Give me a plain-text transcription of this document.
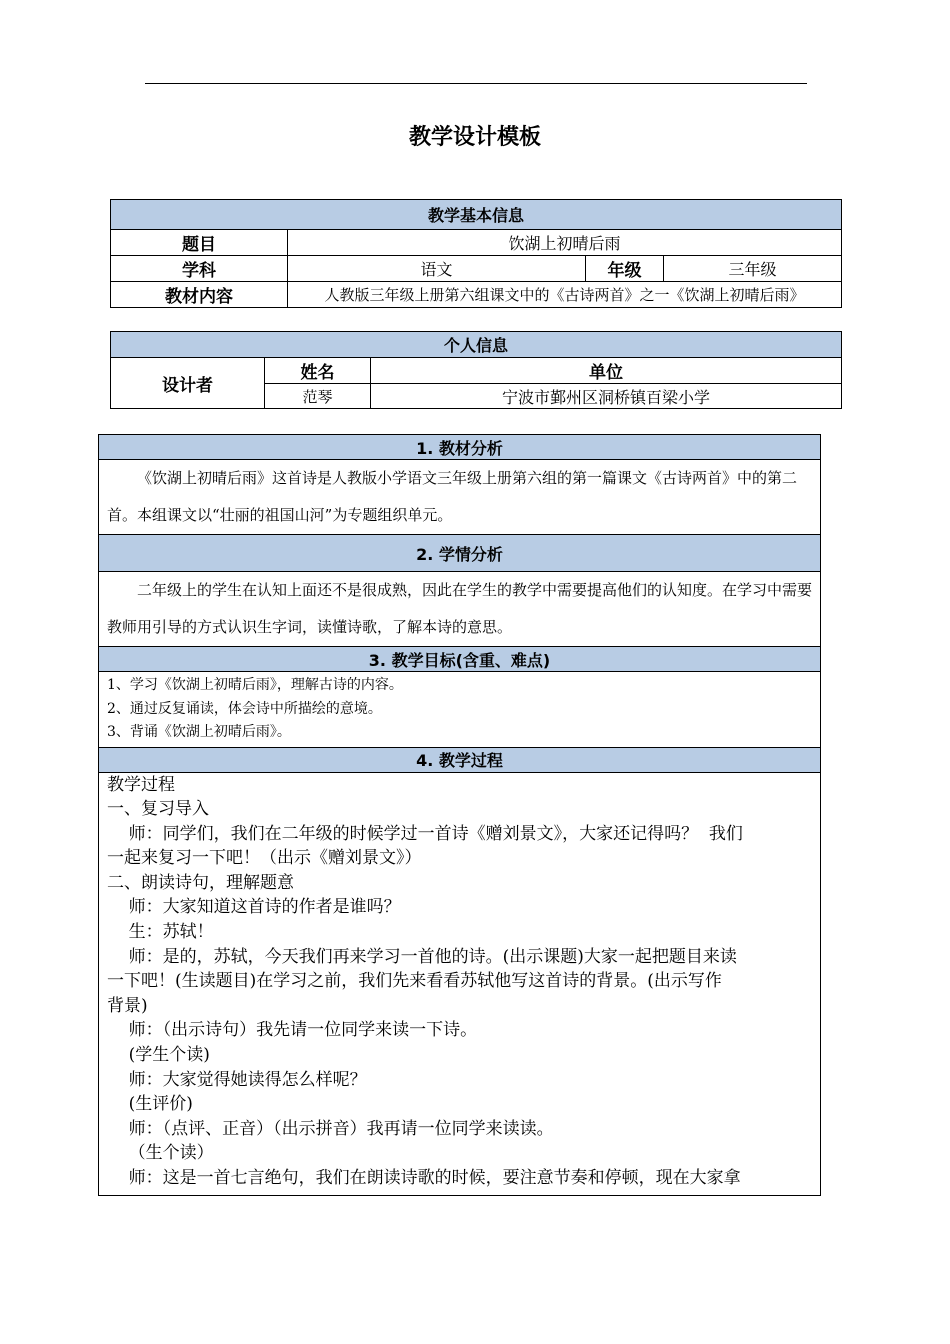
教学设计模板
教学基本信息			
题目	饮湖上初晴后雨		
学科	语文	年级	三年级
教材内容	人教版三年级上册第六组课文中的《古诗两首》之一《饮湖上初晴后雨》		
个人信息		
设计者	姓名	单位
	范琴	宁波市鄞州区洞桥镇百梁小学
1. 教材分析

《饮湖上初晴后雨》这首诗是人教版小学语文三年级上册第六组的第一篇课文《古诗两首》中的第二首。本组课文以“壮丽的祖国山河”为专题组织单元。

2. 学情分析

二年级上的学生在认知上面还不是很成熟，因此在学生的教学中需要提高他们的认知度。在学习中需要教师用引导的方式认识生字词，读懂诗歌，了解本诗的意思。

3. 教学目标(含重、难点)

1、学习《饮湖上初晴后雨》，理解古诗的内容。
2、通过反复诵读，体会诗中所描绘的意境。
3、背诵《饮湖上初晴后雨》。

4. 教学过程

教学过程
一、复习导入
师：同学们，我们在二年级的时候学过一首诗《赠刘景文》，大家还记得吗？  我们
一起来复习一下吧！（出示《赠刘景文》）
二、朗读诗句，理解题意
师：大家知道这首诗的作者是谁吗？
生：苏轼！
师：是的，苏轼，今天我们再来学习一首他的诗。(出示课题)大家一起把题目来读
一下吧！(生读题目)在学习之前，我们先来看看苏轼他写这首诗的背景。(出示写作
背景)
师：（出示诗句）我先请一位同学来读一下诗。
(学生个读)
师：大家觉得她读得怎么样呢？
(生评价)
师：（点评、正音）（出示拼音）我再请一位同学来读读。
（生个读）
师：这是一首七言绝句，我们在朗读诗歌的时候，要注意节奏和停顿，现在大家拿
